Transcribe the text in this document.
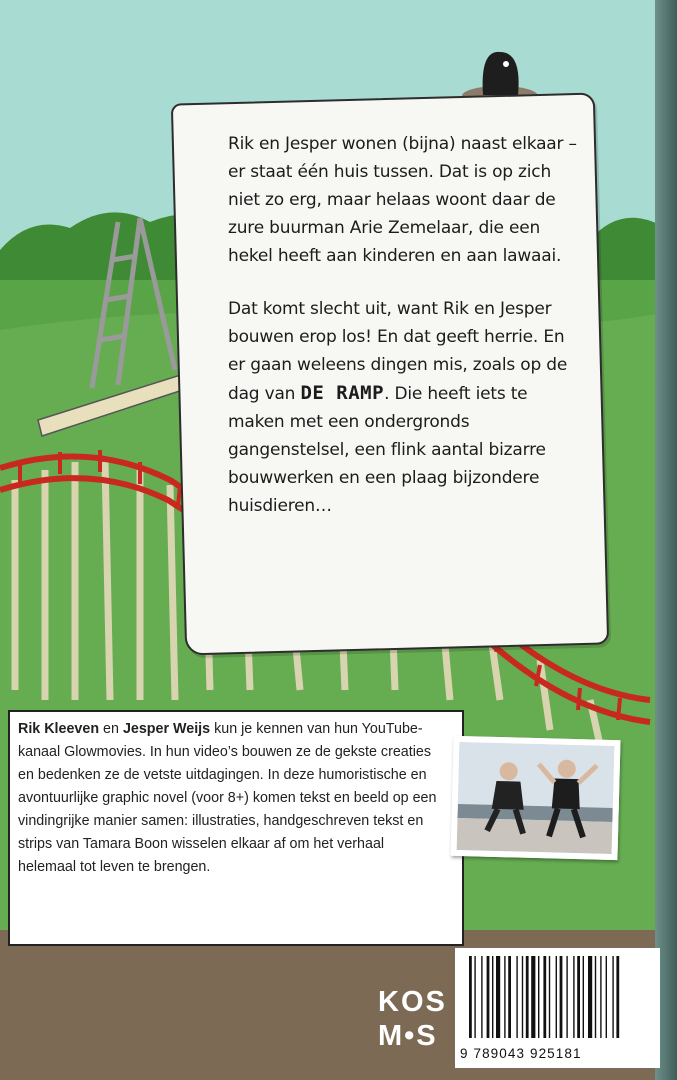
Rik en Jesper wonen (bijna) naast elkaar – er staat één huis tussen. Dat is op zich niet zo erg, maar helaas woont daar de zure buurman Arie Zemelaar, die een hekel heeft aan kinderen en aan lawaai.

Dat komt slecht uit, want Rik en Jesper bouwen erop los! En dat geeft herrie. En er gaan weleens dingen mis, zoals op de dag van DE RAMP. Die heeft iets te maken met een ondergronds gangenstelsel, een flink aantal bizarre bouwwerken en een plaag bijzondere huisdieren…

Rik Kleeven en Jesper Weijs kun je kennen van hun YouTube-kanaal Glowmovies. In hun video’s bouwen ze de gekste creaties en bedenken ze de vetste uitdagingen. In deze humoristische en avontuurlijke graphic novel (voor 8+) komen tekst en beeld op een vindingrijke manier samen: illustraties, handgeschreven tekst en strips van Tamara Boon wisselen elkaar af om het verhaal helemaal tot leven te brengen.
KOS
M•S
9 789043 925181
